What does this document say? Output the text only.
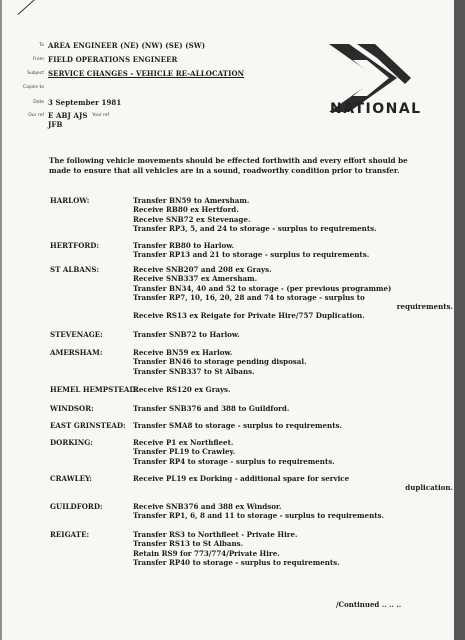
To AREA ENGINEER (NE) (NW) (SE) (SW)
From FIELD OPERATIONS ENGINEER
Subject SERVICE CHANGES - VEHICLE RE-ALLOCATION
Copies to
Date 3 September 1981
Our ref E ABJ AJS Your ref
JFB
NATIONAL
The following vehicle movements should be effected forthwith and every effort should be made to ensure that all vehicles are in a sound, roadworthy condition prior to transfer.
HARLOW:	Transfer BN59 to Amersham.
Receive RB80 ex Hertford.
Receive SNB72 ex Stevenage.
Transfer RP3, 5, and 24 to storage - surplus to requirements.
HERTFORD:	Transfer RB80 to Harlow.
Transfer RP13 and 21 to storage - surplus to requirements.
ST ALBANS:	Receive SNB207 and 208 ex Grays.
Receive SNB337 ex Amersham.
Transfer BN34, 40 and 52 to storage - (per previous programme)
Transfer RP7, 10, 16, 20, 28 and 74 to storage - surplus to
requirements.
Receive RS13 ex Reigate for Private Hire/757 Duplication.
STEVENAGE:	Transfer SNB72 to Harlow.
AMERSHAM:	Receive BN59 ex Harlow.
Transfer BN46 to storage pending disposal.
Transfer SNB337 to St Albans.
HEMEL HEMPSTEAD:
Receive RS120 ex Grays.
WINDSOR:	Transfer SNB376 and 388 to Guildford.
EAST GRINSTEAD: Transfer SMA8 to storage - surplus to requirements.
DORKING:	Receive P1 ex Northfleet.
Transfer PL19 to Crawley.
Transfer RP4 to storage - surplus to requirements.
CRAWLEY:	Receive PL19 ex Dorking - additional spare for service
duplication.
GUILDFORD:	Receive SNB376 and 388 ex Windsor.
Transfer RP1, 6, 8 and 11 to storage - surplus to requirements.
REIGATE:	Transfer RS3 to Northfleet - Private Hire.
Transfer RS13 to St Albans.
Retain RS9 for 773/774/Private Hire.
Transfer RP40 to storage - surplus to requirements.
/Continued .. .. ..
